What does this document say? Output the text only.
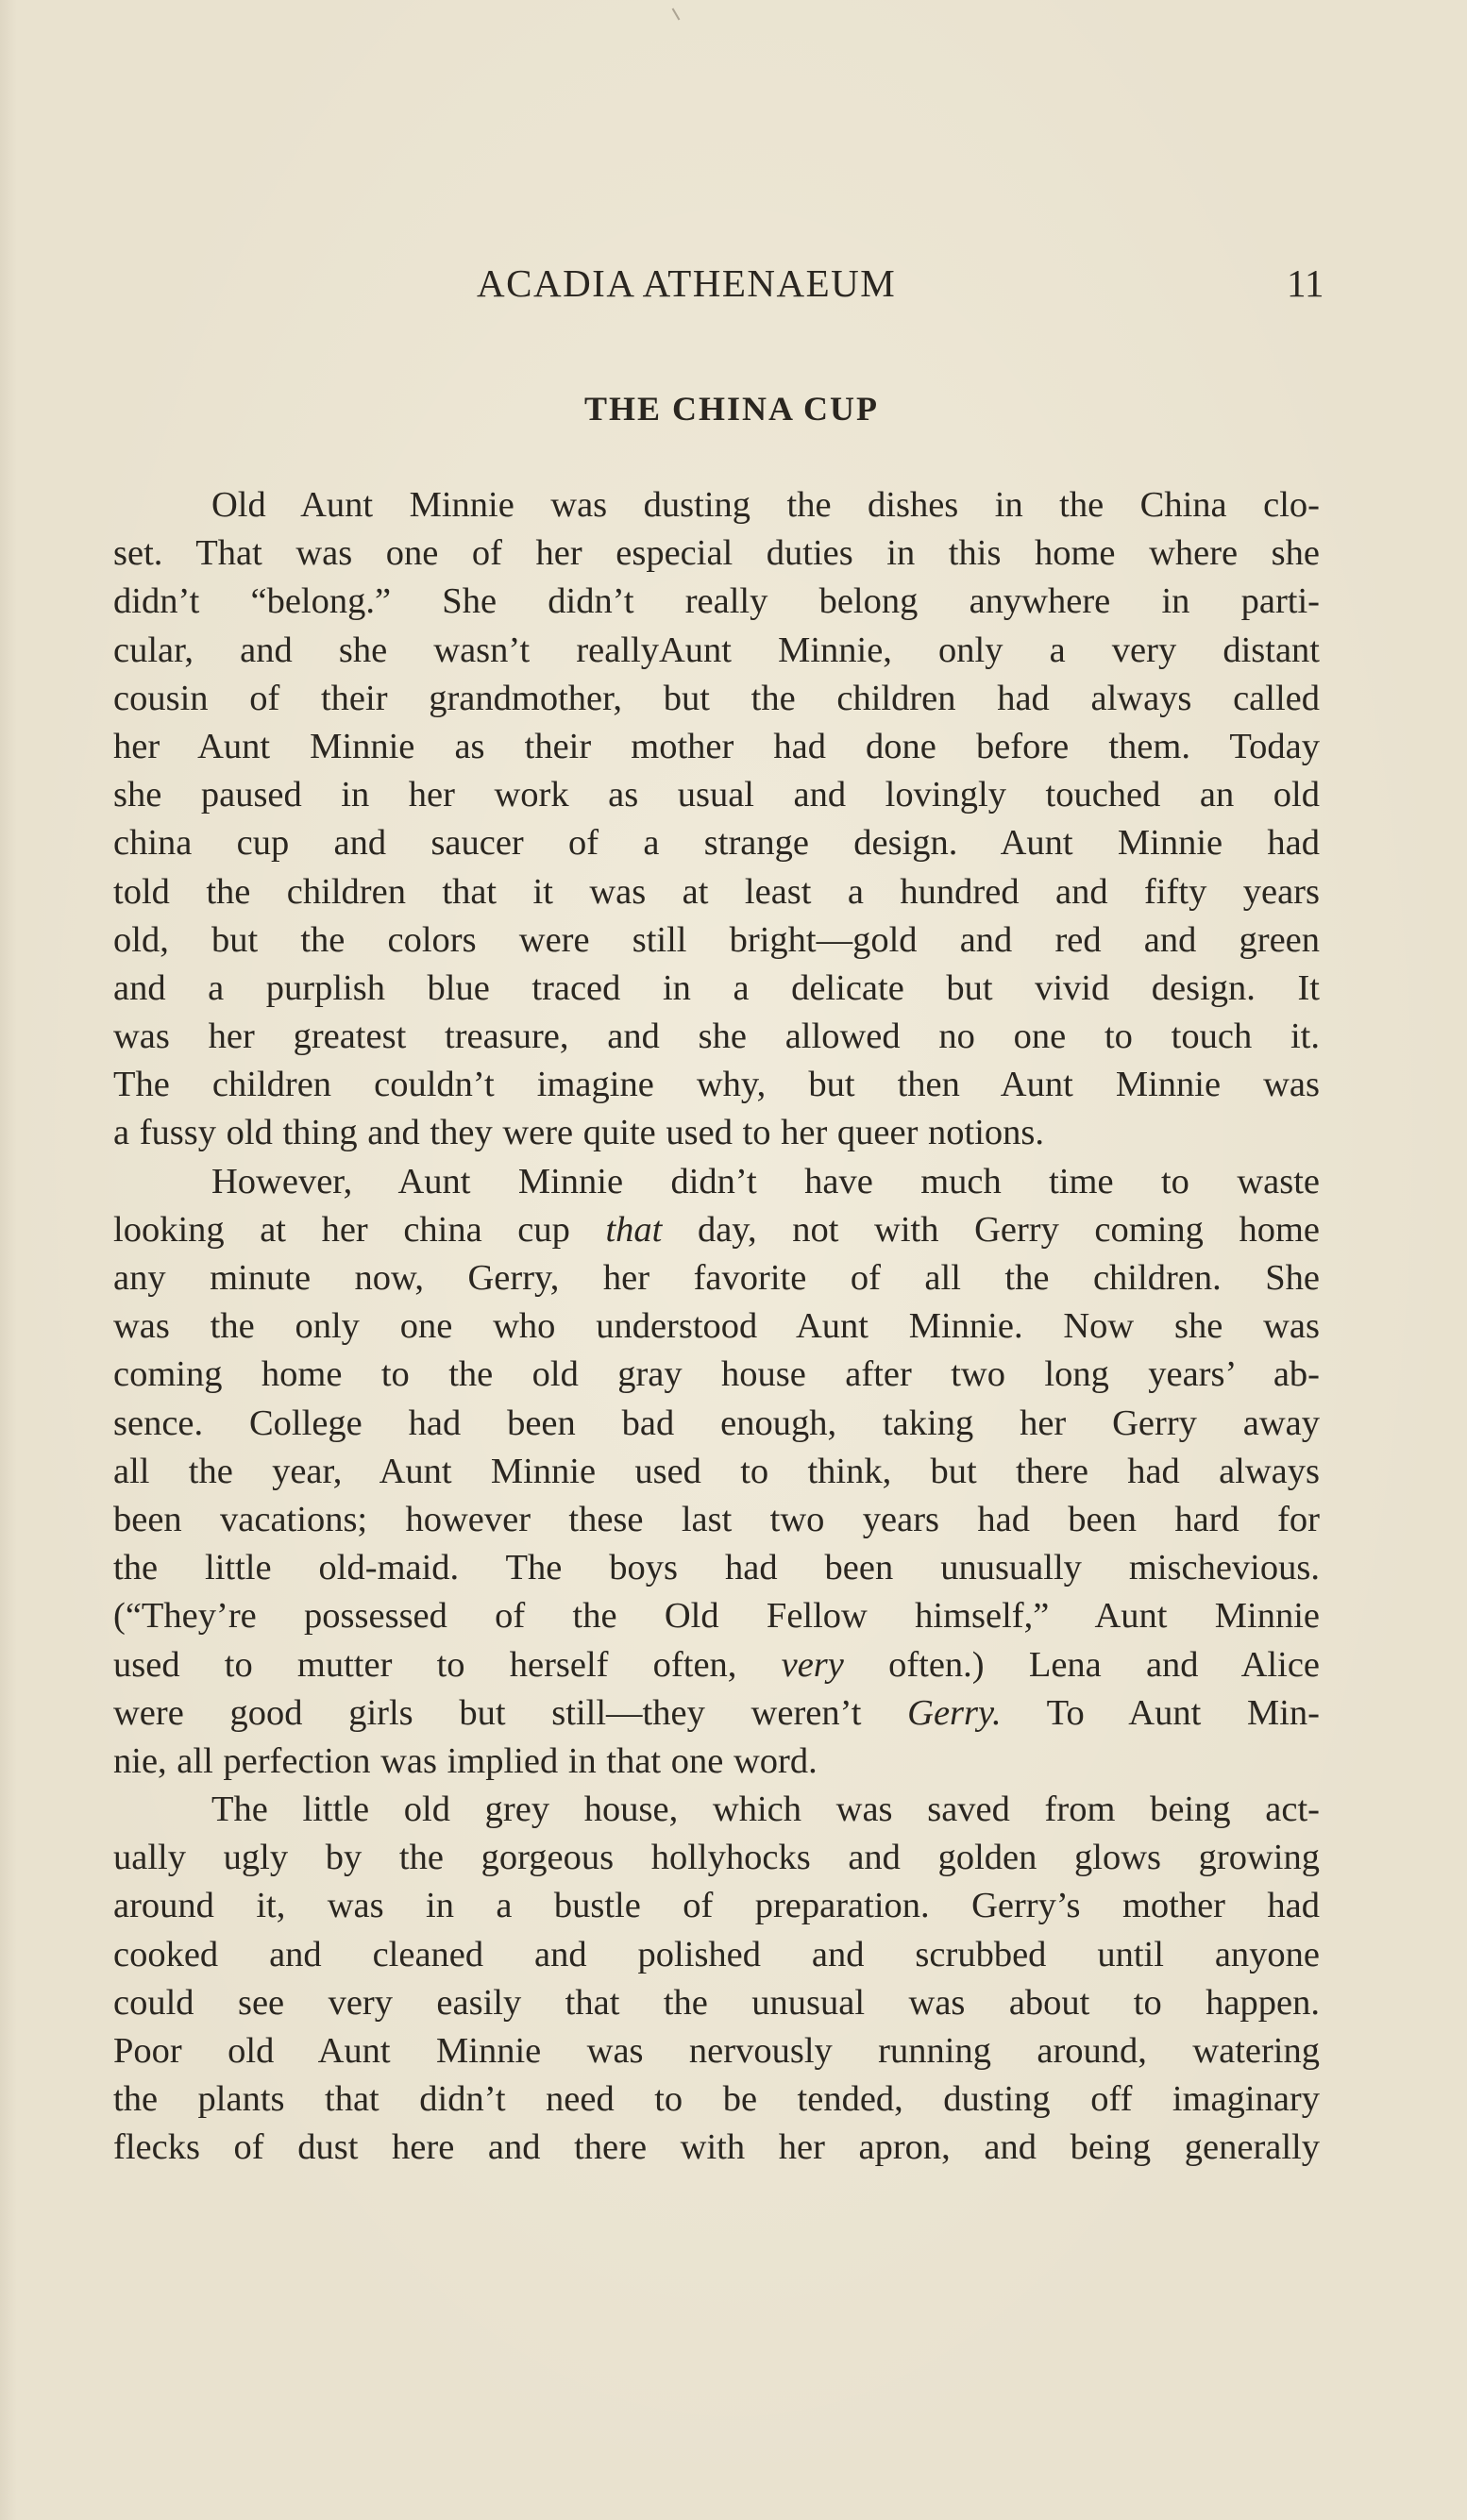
ACADIA ATHENAEUM	11
THE CHINA CUP
Old Aunt Minnie was dusting the dishes in the China clo-
set. That was one of her especial duties in this home where she
didn’t “belong.” She didn’t really belong anywhere in parti-
cular, and she wasn’t reallyAunt Minnie, only a very distant
cousin of their grandmother, but the children had always called
her Aunt Minnie as their mother had done before them. Today
she paused in her work as usual and lovingly touched an old
china cup and saucer of a strange design. Aunt Minnie had
told the children that it was at least a hundred and fifty years
old, but the colors were still bright—gold and red and green
and a purplish blue traced in a delicate but vivid design. It
was her greatest treasure, and she allowed no one to touch it.
The children couldn’t imagine why, but then Aunt Minnie was
a fussy old thing and they were quite used to her queer notions.
However, Aunt Minnie didn’t have much time to waste
looking at her china cup that day, not with Gerry coming home
any minute now, Gerry, her favorite of all the children. She
was the only one who understood Aunt Minnie. Now she was
coming home to the old gray house after two long years’ ab-
sence. College had been bad enough, taking her Gerry away
all the year, Aunt Minnie used to think, but there had always
been vacations; however these last two years had been hard for
the little old-maid. The boys had been unusually mischevious.
(“They’re possessed of the Old Fellow himself,” Aunt Minnie
used to mutter to herself often, very often.) Lena and Alice
were good girls but still—they weren’t Gerry. To Aunt Min-
nie, all perfection was implied in that one word.
The little old grey house, which was saved from being act-
ually ugly by the gorgeous hollyhocks and golden glows growing
around it, was in a bustle of preparation. Gerry’s mother had
cooked and cleaned and polished and scrubbed until anyone
could see very easily that the unusual was about to happen.
Poor old Aunt Minnie was nervously running around, watering
the plants that didn’t need to be tended, dusting off imaginary
flecks of dust here and there with her apron, and being generally
